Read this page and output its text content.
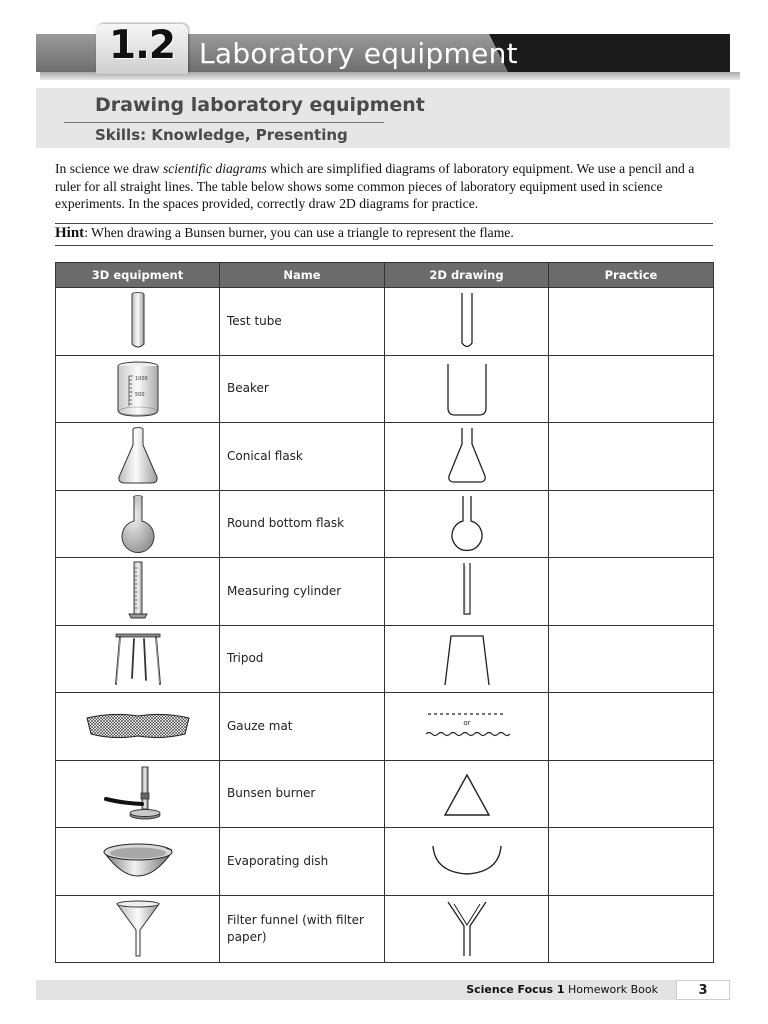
1.2 Laboratory equipment
Drawing laboratory equipment
Skills: Knowledge, Presenting

In science we draw scientific diagrams which are simplified diagrams of laboratory equipment. We use a pencil and a ruler for all straight lines. The table below shows some common pieces of laboratory equipment used in science experiments. In the spaces provided, correctly draw 2D diagrams for practice.

Hint: When drawing a Bunsen burner, you can use a triangle to represent the flame.
3D equipment	Name	2D drawing	Practice

	Test tube	

1000
500	Beaker	

	Conical flask	

	Round bottom flask	

	Measuring cylinder	

	Tripod	

	Gauze mat	or	

	Bunsen burner	

	Evaporating dish	

	Filter funnel (with filter paper)	

Science Focus 1 Homework Book	3
